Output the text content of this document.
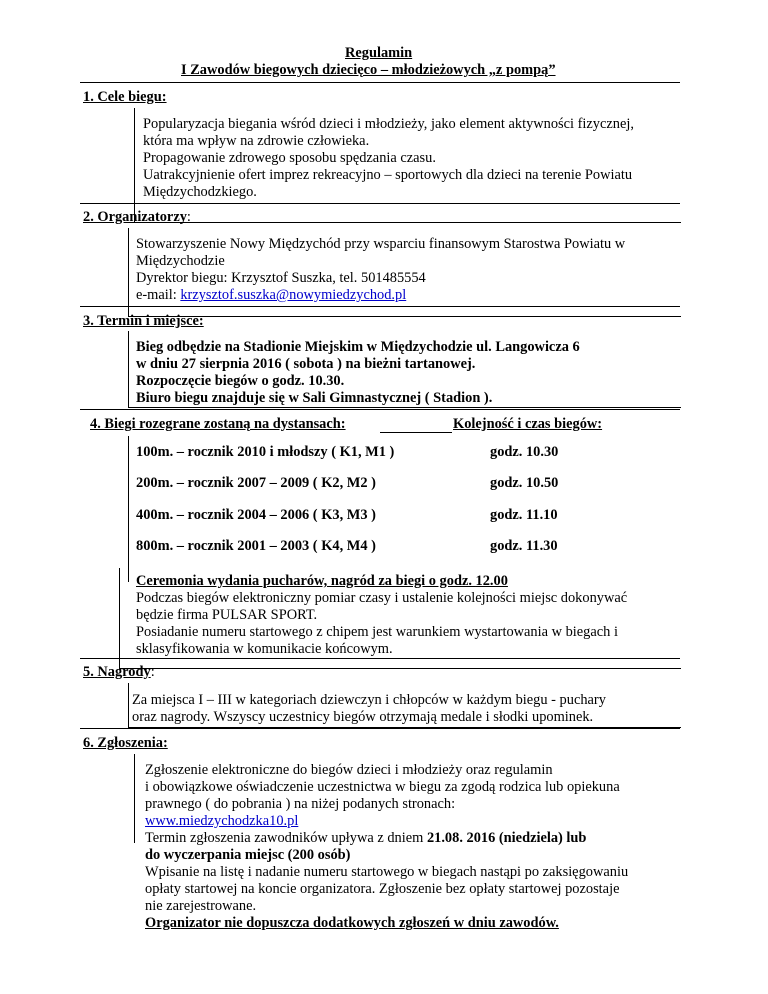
Regulamin
I Zawodów biegowych dziecięco – młodzieżowych „z pompą”
1. Cele biegu:
Popularyzacja biegania wśród dzieci i młodzieży, jako element aktywności fizycznej,
która ma wpływ na zdrowie człowieka.
Propagowanie zdrowego sposobu spędzania czasu.
Uatrakcyjnienie ofert imprez rekreacyjno – sportowych dla dzieci na terenie Powiatu
Międzychodzkiego.
2. Organizatorzy:
Stowarzyszenie Nowy Międzychód przy wsparciu finansowym Starostwa Powiatu w
Międzychodzie
Dyrektor biegu: Krzysztof Suszka, tel. 501485554
e-mail: krzysztof.suszka@nowymiedzychod.pl
3. Termin i miejsce:
Bieg odbędzie na Stadionie Miejskim w Międzychodzie ul. Langowicza 6
w dniu 27 sierpnia 2016 ( sobota ) na bieżni tartanowej.
Rozpoczęcie biegów o godz. 10.30.
Biuro biegu znajduje się w Sali Gimnastycznej ( Stadion ).
4. Biegi rozegrane zostaną na dystansach:	Kolejność i czas biegów:
100m. – rocznik 2010 i młodszy ( K1, M1 )	godz. 10.30
200m. – rocznik 2007 – 2009 ( K2, M2 )	godz. 10.50
400m. – rocznik 2004 – 2006 ( K3, M3 )	godz. 11.10
800m. – rocznik 2001 – 2003 ( K4, M4 )	godz. 11.30
Ceremonia wydania pucharów, nagród za biegi o godz. 12.00
Podczas biegów elektroniczny pomiar czasy i ustalenie kolejności miejsc dokonywać
będzie firma PULSAR SPORT.
Posiadanie numeru startowego z chipem jest warunkiem wystartowania w biegach i
sklasyfikowania w komunikacie końcowym.
5. Nagrody:
Za miejsca I – III w kategoriach dziewczyn i chłopców w każdym biegu - puchary
oraz nagrody. Wszyscy uczestnicy biegów otrzymają medale i słodki upominek.
6. Zgłoszenia:
Zgłoszenie elektroniczne do biegów dzieci i młodzieży oraz regulamin
i obowiązkowe oświadczenie uczestnictwa w biegu za zgodą rodzica lub opiekuna
prawnego ( do pobrania ) na niżej podanych stronach:
www.miedzychodzka10.pl
Termin zgłoszenia zawodników upływa z dniem 21.08. 2016 (niedziela) lub
do wyczerpania miejsc (200 osób)
Wpisanie na listę i nadanie numeru startowego w biegach nastąpi po zaksięgowaniu
opłaty startowej na koncie organizatora. Zgłoszenie bez opłaty startowej pozostaje
nie zarejestrowane.
Organizator nie dopuszcza dodatkowych zgłoszeń w dniu zawodów.
